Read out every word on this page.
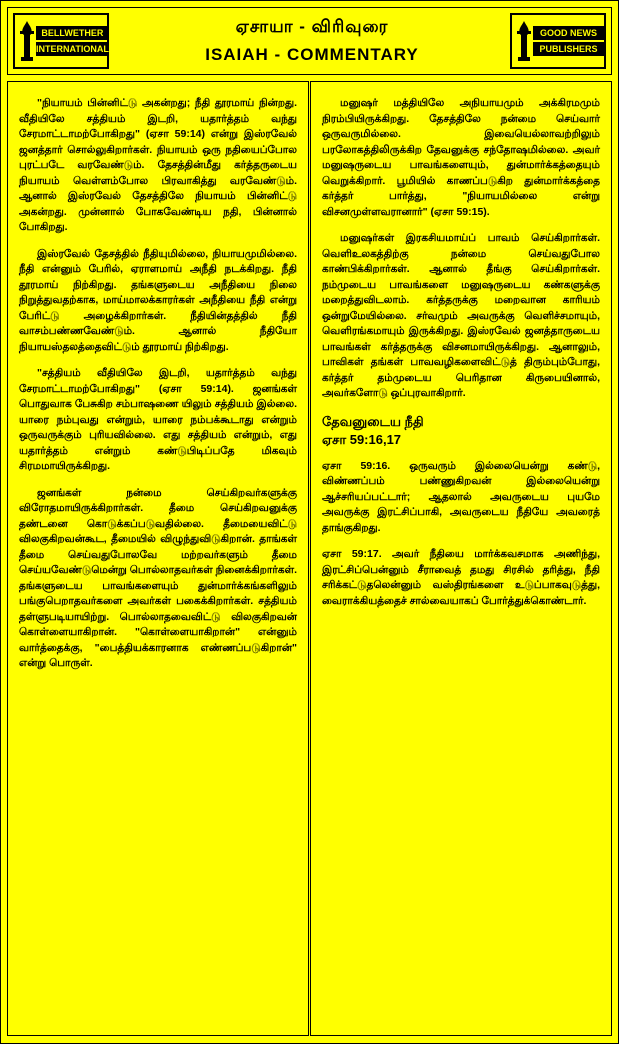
BELLWETHER
INTERNATIONAL
ஏசாயா - விரிவுரை
ISAIAH - COMMENTARY
GOOD NEWS
PUBLISHERS

"நியாயம் பின்னிட்டு அகன்றது; நீதி தூரமாய் நின்றது. வீதியிலே சத்தியம் இடறி, யதார்த்தம் வந்து சேரமாட்டாமற்போகிறது" (ஏசா 59:14) என்று இஸ்ரவேல் ஜனத்தார் சொல்லுகிறார்கள். நியாயம் ஒரு நதியைப்போல புரட்படே வரவேண்டும். தேசத்தின்மீது கர்த்தருடைய நியாயம் வெள்ளம்போல பிரவாகித்து வரவேண்டும். ஆனால் இஸ்ரவேல் தேசத்திலே நியாயம் பின்னிட்டு அகன்றது. முன்னால் போகவேண்டிய நதி, பின்னால் போகிறது.

இஸ்ரவேல் தேசத்தில் நீதியுமில்லை, நியாயமுமில்லை. நீதி என்னும் பேரில், ஏராளமாய் அநீதி நடக்கிறது. நீதி தூரமாய் நிற்கிறது. தங்களுடைய அநீதியை நிலை நிறுத்துவதற்காக, மாய்மாலக்காரர்கள் அநீதியை நீதி என்று பேரிட்டு அழைக்கிறார்கள். நீதியின்தத்தில் நீதி வாசம்பண்ணவேண்டும். ஆனால் நீதியோ நியாயஸ்தலத்தைவிட்டும் தூரமாய் நிற்கிறது.

"சத்தியம் வீதியிலே இடறி, யதார்த்தம் வந்து சேரமாட்டாமற்போகிறது" (ஏசா 59:14). ஜனங்கள் பொதுவாக பேசுகிற சம்பாஷணை யிலும் சத்தியம் இல்லை. யாரை நம்புவது என்றும், யாரை நம்பக்கூடாது என்றும் ஒருவருக்கும் புரியவில்லை. எது சத்தியம் என்றும், எது யதார்த்தம் என்றும் கண்டுபிடிப்பதே மிகவும் சிரமமாயிருக்கிறது.

ஜனங்கள் நன்மை செய்கிறவர்களுக்கு விரோதமாயிருக்கிறார்கள். தீமை செய்கிறவனுக்கு தண்டனை கொடுக்கப்படுவதில்லை. தீமையைவிட்டு விலகுகிறவன்கூட, தீமையில் விழுந்துவிடுகிறான். தாங்கள் தீமை செய்வதுபோலவே மற்றவர்களும் தீமை செய்யவேண்டுமென்று பொல்லாதவர்கள் நினைக்கிறார்கள். தங்களுடைய பாவங்களையும் துன்மார்க்கங்களிலும் பங்குபெறாதவர்களை அவர்கள் பகைக்கிறார்கள். சத்தியம் தள்ளுபடியாயிற்று. பொல்லாதவைவிட்டு விலகுகிறவன் கொள்ளையாகிறான். "கொள்ளையாகிறான்" என்னும் வார்த்தைக்கு, "பைத்தியக்காரனாக எண்ணப்படுகிறான்" என்று பொருள்.

மனுஷர் மத்தியிலே அநியாயமும் அக்கிரமமும் நிரம்பியிருக்கிறது. தேசத்திலே நன்மை செய்வார் ஒருவருமில்லை. இவையெல்லாவற்றிலும் பரலோகத்திலிருக்கிற தேவனுக்கு சந்தோஷமில்லை. அவர் மனுஷருடைய பாவங்களையும், துன்மார்க்கத்தையும் வெறுக்கிறார். பூமியில் காணப்படுகிற துன்மார்க்கத்தை கர்த்தர் பார்த்து, "நியாயமில்லை என்று விசனமுள்ளவரானார்" (ஏசா 59:15).

மனுஷர்கள் இரகசியமாய்ப் பாவம் செய்கிறார்கள். வெளிஉலகத்திற்கு நன்மை செய்வதுபோல காண்பிக்கிறார்கள். ஆனால் தீங்கு செய்கிறார்கள். நம்முடைய பாவங்களை மனுஷருடைய கண்களுக்கு மறைத்துவிடலாம். கர்த்தருக்கு மறைவான காரியம் ஒன்றுமேயில்லை. சர்வமும் அவருக்கு வெளிச்சமாயும், வெளிரங்கமாயும் இருக்கிறது. இஸ்ரவேல் ஜனத்தாருடைய பாவங்கள் கர்த்தருக்கு விசனமாயிருக்கிறது. ஆனாலும், பாவிகள் தங்கள் பாவவழிகளைவிட்டுத் திரும்பும்போது, கர்த்தர் தம்முடைய பெரிதான கிருபையினால், அவர்களோடு ஒப்புரவாகிறார்.

தேவனுடைய நீதி
ஏசா 59:16,17

ஏசா 59:16. ஒருவரும் இல்லையென்று கண்டு, விண்ணப்பம் பண்ணுகிறவன் இல்லையென்று ஆச்சரியப்பட்டார்; ஆதலால் அவருடைய புயமே அவருக்கு இரட்சிப்பாகி, அவருடைய நீதியே அவரைத் தாங்குகிறது.

ஏசா 59:17. அவர் நீதியை மார்க்கவசமாக அணிந்து, இரட்சிப்பென்னும் சீராவைத் தமது சிரசில் தரித்து, நீதி சரிக்கட்டுதலென்னும் வஸ்திரங்களை உடுப்பாகவுடுத்து, வைராக்கியத்தைச் சால்வையாகப் போர்த்துக்கொண்டார்.
